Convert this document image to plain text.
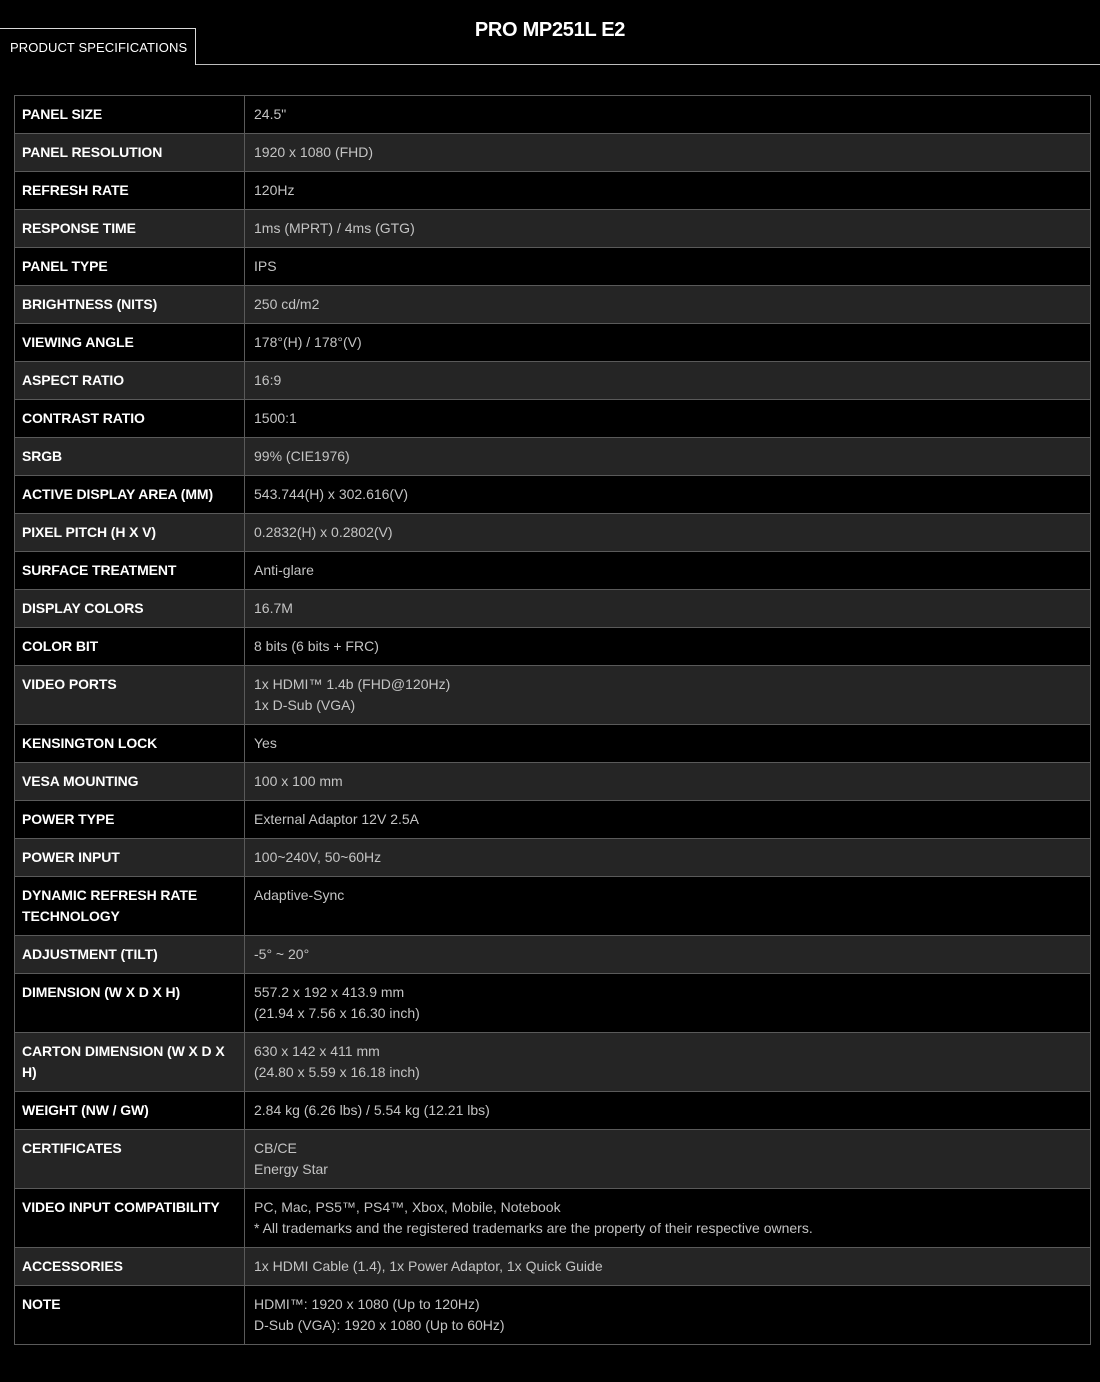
PRODUCT SPECIFICATIONS
PRO MP251L E2
PANEL SIZE	24.5"

PANEL RESOLUTION	1920 x 1080 (FHD)

REFRESH RATE	120Hz

RESPONSE TIME	1ms (MPRT) / 4ms (GTG)

PANEL TYPE	IPS

BRIGHTNESS (NITS)	250 cd/m2

VIEWING ANGLE	178°(H) / 178°(V)

ASPECT RATIO	16:9

CONTRAST RATIO	1500:1

SRGB	99% (CIE1976)

ACTIVE DISPLAY AREA (MM)	543.744(H) x 302.616(V)

PIXEL PITCH (H X V)	0.2832(H) x 0.2802(V)

SURFACE TREATMENT	Anti-glare

DISPLAY COLORS	16.7M

COLOR BIT	8 bits (6 bits + FRC)

VIDEO PORTS	1x HDMI™ 1.4b (FHD@120Hz)
1x D-Sub (VGA)

KENSINGTON LOCK	Yes

VESA MOUNTING	100 x 100 mm

POWER TYPE	External Adaptor 12V 2.5A

POWER INPUT	100~240V, 50~60Hz

DYNAMIC REFRESH RATE TECHNOLOGY	Adaptive-Sync

ADJUSTMENT (TILT)	-5° ~ 20°

DIMENSION (W X D X H)	557.2 x 192 x 413.9 mm
(21.94 x 7.56 x 16.30 inch)

CARTON DIMENSION (W X D X H)	630 x 142 x 411 mm
(24.80 x 5.59 x 16.18 inch)

WEIGHT (NW / GW)	2.84 kg (6.26 lbs) / 5.54 kg (12.21 lbs)

CERTIFICATES	CB/CE
Energy Star

VIDEO INPUT COMPATIBILITY	PC, Mac, PS5™, PS4™, Xbox, Mobile, Notebook
* All trademarks and the registered trademarks are the property of their respective owners.

ACCESSORIES	1x HDMI Cable (1.4), 1x Power Adaptor, 1x Quick Guide

NOTE	HDMI™: 1920 x 1080 (Up to 120Hz)
D-Sub (VGA): 1920 x 1080 (Up to 60Hz)
